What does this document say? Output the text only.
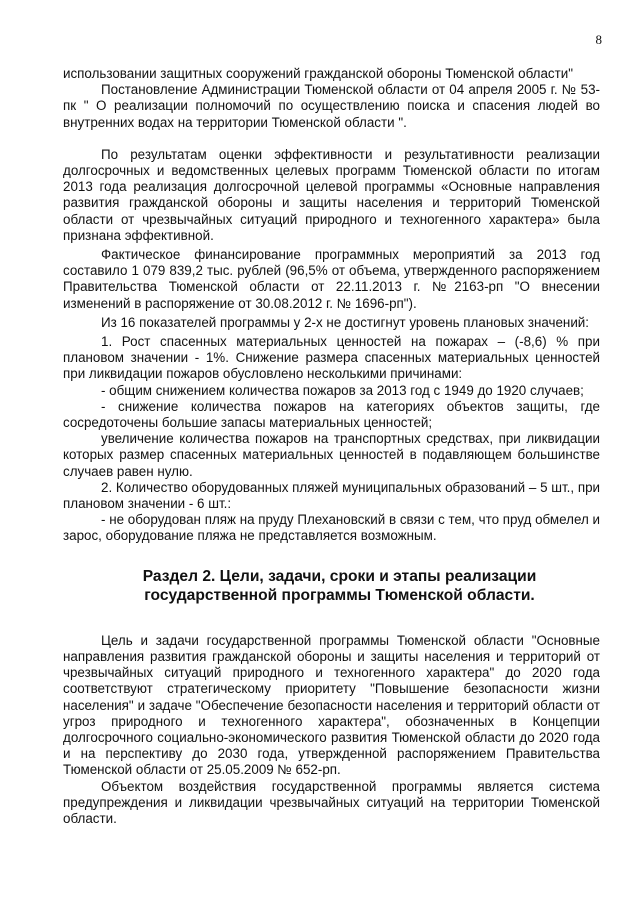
8

использовании защитных сооружений гражданской обороны Тюменской области"

Постановление Администрации Тюменской области от 04 апреля 2005 г. № 53-пк " О реализации полномочий по осуществлению поиска и спасения людей во внутренних водах на территории Тюменской области ".

По результатам оценки эффективности и результативности реализации долгосрочных и ведомственных целевых программ Тюменской области по итогам 2013 года реализация долгосрочной целевой программы «Основные направления развития гражданской обороны и защиты населения и территорий Тюменской области от чрезвычайных ситуаций природного и техногенного характера» была признана эффективной.

Фактическое финансирование программных мероприятий за 2013 год составило 1 079 839,2 тыс. рублей (96,5% от объема, утвержденного распоряжением Правительства Тюменской области от 22.11.2013 г. №2163-рп "О внесении изменений в распоряжение от 30.08.2012 г. № 1696-рп").

Из 16 показателей программы у 2-х не достигнут уровень плановых значений:

1. Рост спасенных материальных ценностей на пожарах – (-8,6) % при плановом значении - 1%. Снижение размера спасенных материальных ценностей при ликвидации пожаров обусловлено несколькими причинами:

- общим снижением количества пожаров за 2013 год с 1949 до 1920 случаев;

- снижение количества пожаров на категориях объектов защиты, где сосредоточены большие запасы материальных ценностей;

увеличение количества пожаров на транспортных средствах, при ликвидации которых размер спасенных материальных ценностей в подавляющем большинстве случаев равен нулю.

2. Количество оборудованных пляжей муниципальных образований – 5 шт., при плановом значении - 6 шт.:

- не оборудован пляж на пруду Плехановский в связи с тем, что пруд обмелел и зарос, оборудование пляжа не представляется возможным.

Раздел 2. Цели, задачи, сроки и этапы реализации государственной программы Тюменской области.

Цель и задачи государственной программы Тюменской области "Основные направления развития гражданской обороны и защиты населения и территорий от чрезвычайных ситуаций природного и техногенного характера" до 2020 года соответствуют стратегическому приоритету "Повышение безопасности жизни населения" и задаче "Обеспечение безопасности населения и территорий области от угроз природного и техногенного характера", обозначенных в Концепции долгосрочного социально-экономического развития Тюменской области до 2020 года и на перспективу до 2030 года, утвержденной распоряжением Правительства Тюменской области от 25.05.2009 № 652-рп.

Объектом воздействия государственной программы является система предупреждения и ликвидации чрезвычайных ситуаций на территории Тюменской области.
